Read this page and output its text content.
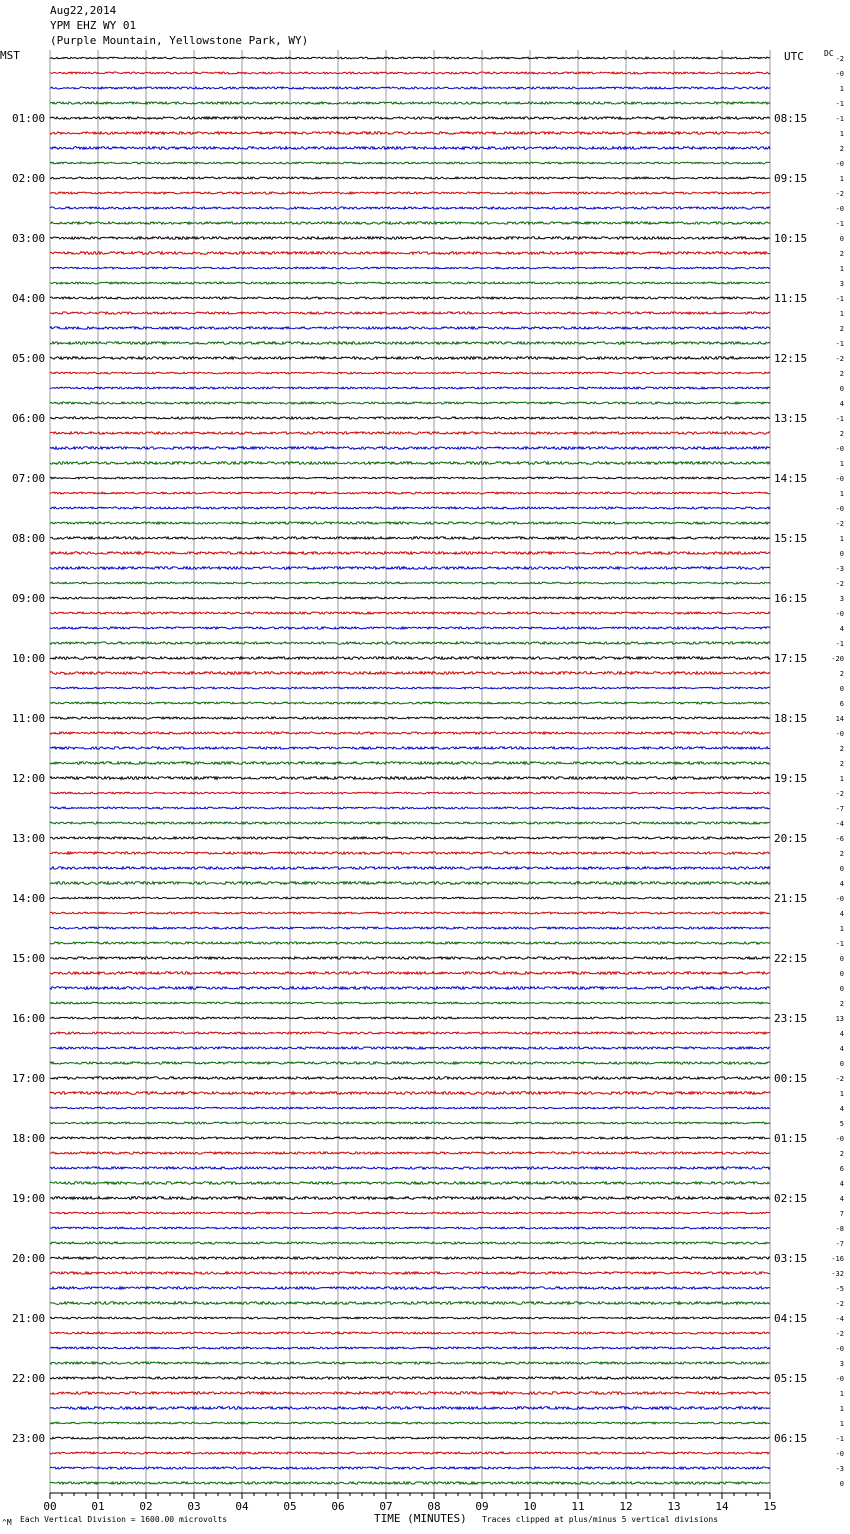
Aug22,2014
YPM EHZ WY 01
(Purple Mountain, Yellowstone Park, WY)
MST	UTC	DC
01:00
02:00
03:00
04:00
05:00
06:00
07:00
08:00
09:00
10:00
11:00
12:00
13:00
14:00
15:00
16:00
17:00
18:00
19:00
20:00
21:00
22:00
23:00
08:15
09:15
10:15
11:15
12:15
13:15
14:15
15:15
16:15
17:15
18:15
19:15
20:15
21:15
22:15
23:15
00:15
01:15
02:15
03:15
04:15
05:15
06:15
-2
-0
1
-1
-1
1
2
-0
1
-2
-0
-1
0
2
1
3
-1
1
2
-1
-2
2
0
4
-1
2
-0
1
-0
1
-0
-2
1
0
-3
-2
3
-0
4
-1
-20
2
0
6
14
-0
2
2
1
-2
-7
-4
-6
2
0
4
-0
4
1
-1
0
0
0
2
13
4
4
0
-2
1
4
5
-0
2
6
4
4
7
-8
-7
-16
-32
-5
-2
-4
-2
-0
3
-0
1
1
1
-1
-0
-3
0
00	01	02	03	04	05	06	07	08	09	10	11	12	13	14	15
TIME (MINUTES)
Each Vertical Division = 1600.00 microvolts	Traces clipped at plus/minus 5 vertical divisions
^M
